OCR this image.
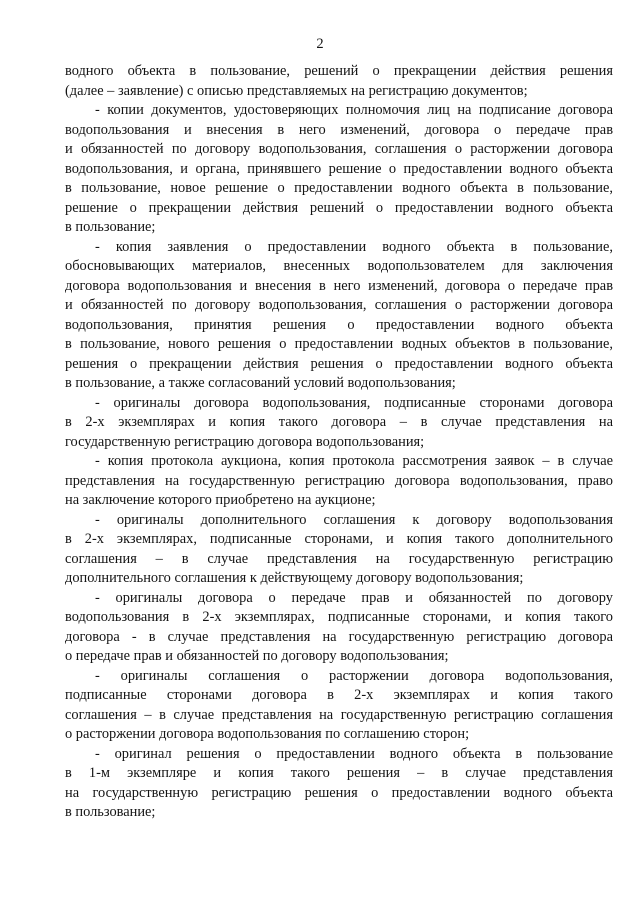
2
водного объекта в пользование, решений о прекращении действия решения
(далее – заявление) с описью представляемых на регистрацию документов;
- копии документов, удостоверяющих полномочия лиц на подписание договора
водопользования и внесения в него изменений, договора о передаче прав
и обязанностей по договору водопользования, соглашения о расторжении договора
водопользования, и органа, принявшего решение о предоставлении водного объекта
в пользование, новое решение о предоставлении водного объекта в пользование,
решение о прекращении действия решений о предоставлении водного объекта
в пользование;
- копия заявления о предоставлении водного объекта в пользование,
обосновывающих материалов, внесенных водопользователем для заключения
договора водопользования и внесения в него изменений, договора о передаче прав
и обязанностей по договору водопользования, соглашения о расторжении договора
водопользования, принятия решения о предоставлении водного объекта
в пользование, нового решения о предоставлении водных объектов в пользование,
решения о прекращении действия решения о предоставлении водного объекта
в пользование, а также согласований условий водопользования;
- оригиналы договора водопользования, подписанные сторонами договора
в 2-х экземплярах и копия такого договора – в случае представления на
государственную регистрацию договора водопользования;
- копия протокола аукциона, копия протокола рассмотрения заявок – в случае
представления на государственную регистрацию договора водопользования, право
на заключение которого приобретено на аукционе;
- оригиналы дополнительного соглашения к договору водопользования
в 2-х экземплярах, подписанные сторонами, и копия такого дополнительного
соглашения – в случае представления на государственную регистрацию
дополнительного соглашения к действующему договору водопользования;
- оригиналы договора о передаче прав и обязанностей по договору
водопользования в 2-х экземплярах, подписанные сторонами, и копия такого
договора - в случае представления на государственную регистрацию договора
о передаче прав и обязанностей по договору водопользования;
- оригиналы соглашения о расторжении договора водопользования,
подписанные сторонами договора в 2-х экземплярах и копия такого
соглашения – в случае представления на государственную регистрацию соглашения
о расторжении договора водопользования по соглашению сторон;
- оригинал решения о предоставлении водного объекта в пользование
в 1-м экземпляре и копия такого решения – в случае представления
на государственную регистрацию решения о предоставлении водного объекта
в пользование;
